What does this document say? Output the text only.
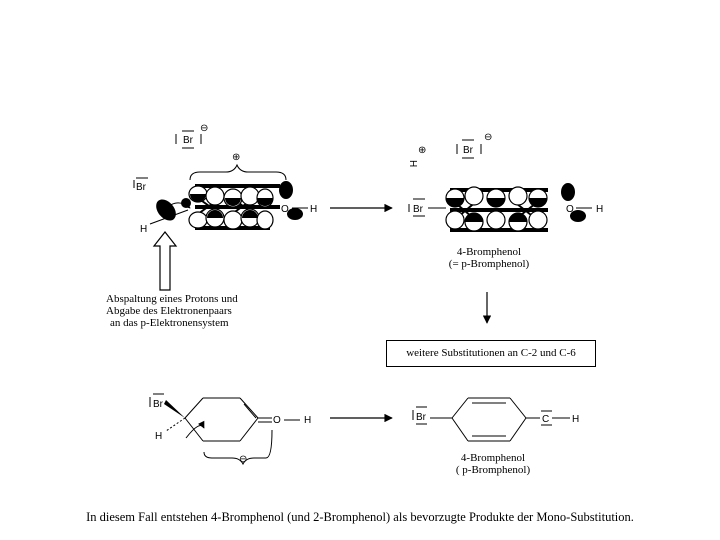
Br
⊖
⊕
O H
Br
H
H
⊕	Br
⊖
Br	O H
Br
H
O H
⊖
Br	C H
Abspaltung eines Protons und
Abgabe des Elektronenpaars
an das p-Elektronensystem
4-Bromphenol
(= p-Bromphenol)
weitere Substitutionen an C-2 und C-6
4-Bromphenol
( p-Bromphenol)
In diesem Fall entstehen 4-Bromphenol (und 2-Bromphenol) als bevorzugte Produkte der Mono-Substitution.
